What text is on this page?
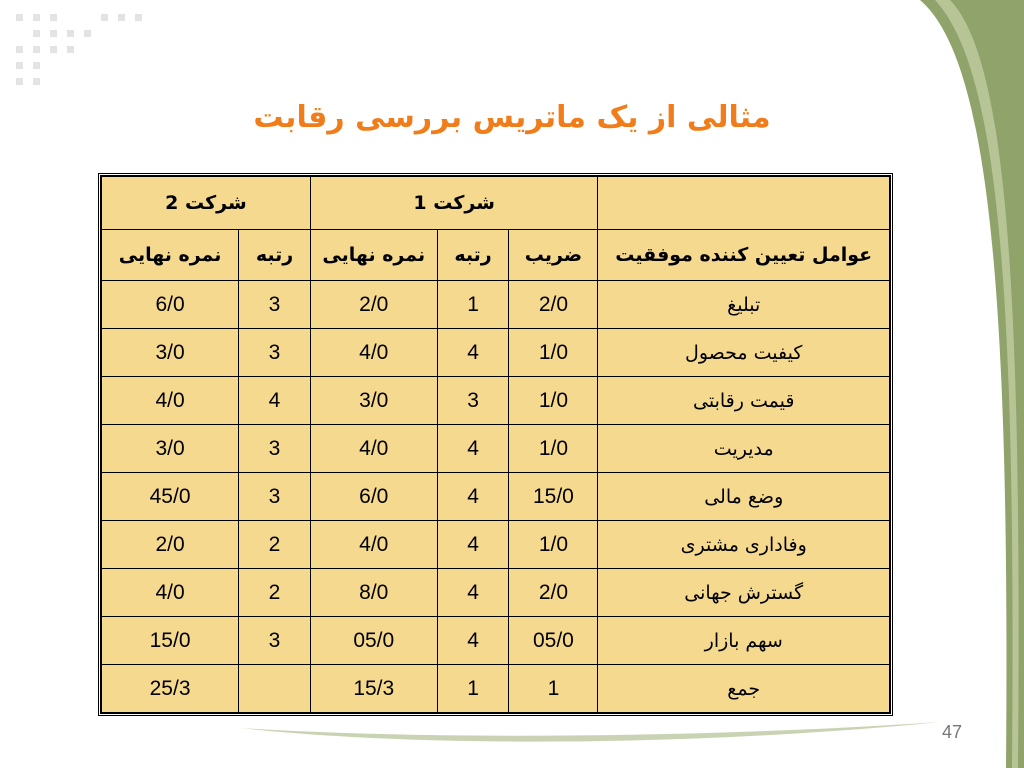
مثالی از یک ماتریس بررسی رقابت
	شرکت 1			شرکت 2	
عوامل تعیین کننده موفقیت	ضریب	رتبه	نمره نهایی	رتبه	نمره نهایی
تبلیغ	2/0	1	2/0	3	6/0
کیفیت محصول	1/0	4	4/0	3	3/0
قیمت رقابتی	1/0	3	3/0	4	4/0
مدیریت	1/0	4	4/0	3	3/0
وضع مالی	15/0	4	6/0	3	45/0
وفاداری مشتری	1/0	4	4/0	2	2/0
گسترش جهانی	2/0	4	8/0	2	4/0
سهم بازار	05/0	4	05/0	3	15/0
جمع	1	1	15/3		25/3
47
